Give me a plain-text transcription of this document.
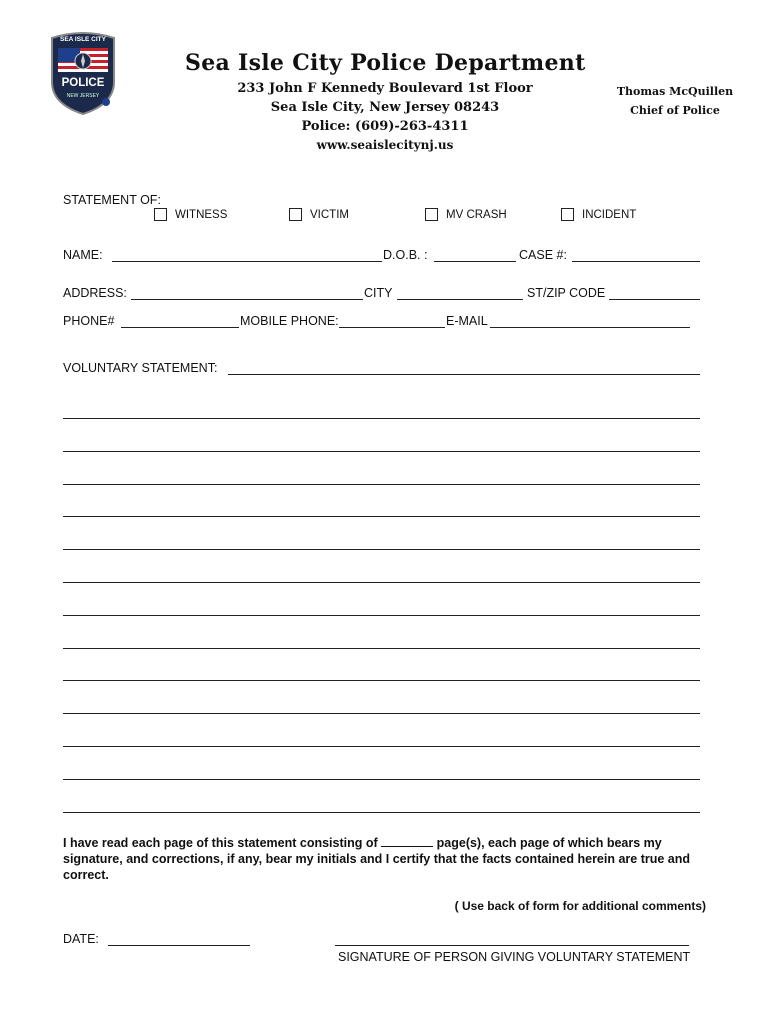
SEA ISLE CITY
POLICE
NEW JERSEY
Sea Isle City Police Department
233 John F Kennedy Boulevard 1st Floor
Sea Isle City, New Jersey 08243
Police: (609)-263-4311
www.seaislecitynj.us
Thomas McQuillen
Chief of Police
STATEMENT OF:
WITNESS	VICTIM	MV CRASH	INCIDENT
NAME:	D.O.B. :	CASE #:
ADDRESS:	CITY	ST/ZIP CODE
PHONE#	MOBILE PHONE:	E-MAIL
VOLUNTARY STATEMENT:
I have read each page of this statement consisting of	page(s), each page of which bears my signature, and corrections, if any, bear my initials and I certify that the facts contained herein are true and correct.
( Use back of form for additional comments)
DATE:
SIGNATURE OF PERSON GIVING VOLUNTARY STATEMENT
